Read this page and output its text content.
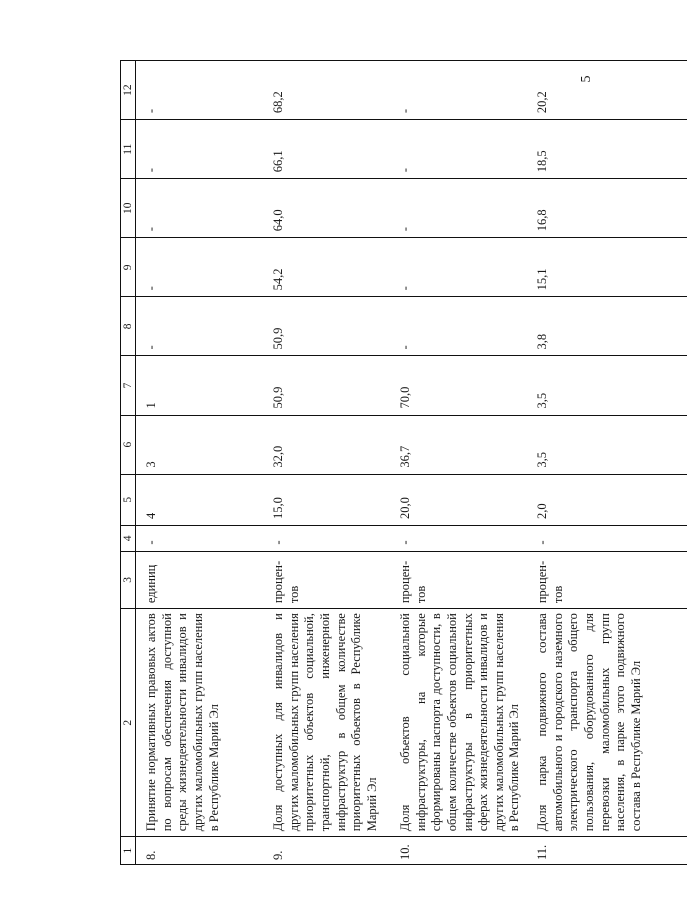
5
1	2	3	4	5	6	7	8	9	10	11	12
8.	Принятие нормативных правовых актов по вопросам обеспечения доступной среды жизнедеятельности инвалидов и других маломобильных групп населения в Республике Марий Эл	единиц	-	4	3	1	-	-	-	-	-
9.	Доля доступных для инвалидов и других маломобильных групп населения приоритетных объектов социальной, транспортной, инженерной инфраструктур в общем количестве приоритетных объектов в Республике Марий Эл	процен-тов	-	15,0	32,0	50,9	50,9	54,2	64,0	66,1	68,2
10.	Доля объектов социальной инфраструктуры, на которые сформированы паспорта доступности, в общем количестве объектов социальной инфраструктуры в приоритетных сферах жизнедеятельности инвалидов и других маломобильных групп населения в Республике Марий Эл	процен-тов	-	20,0	36,7	70,0	-	-	-	-	-
11.	Доля парка подвижного состава автомобильного и городского наземного электрического транспорта общего пользования, оборудованного для перевозки маломобильных групп населения, в парке этого подвижного состава в Республике Марий Эл	процен-тов	-	2,0	3,5	3,5	3,8	15,1	16,8	18,5	20,2
